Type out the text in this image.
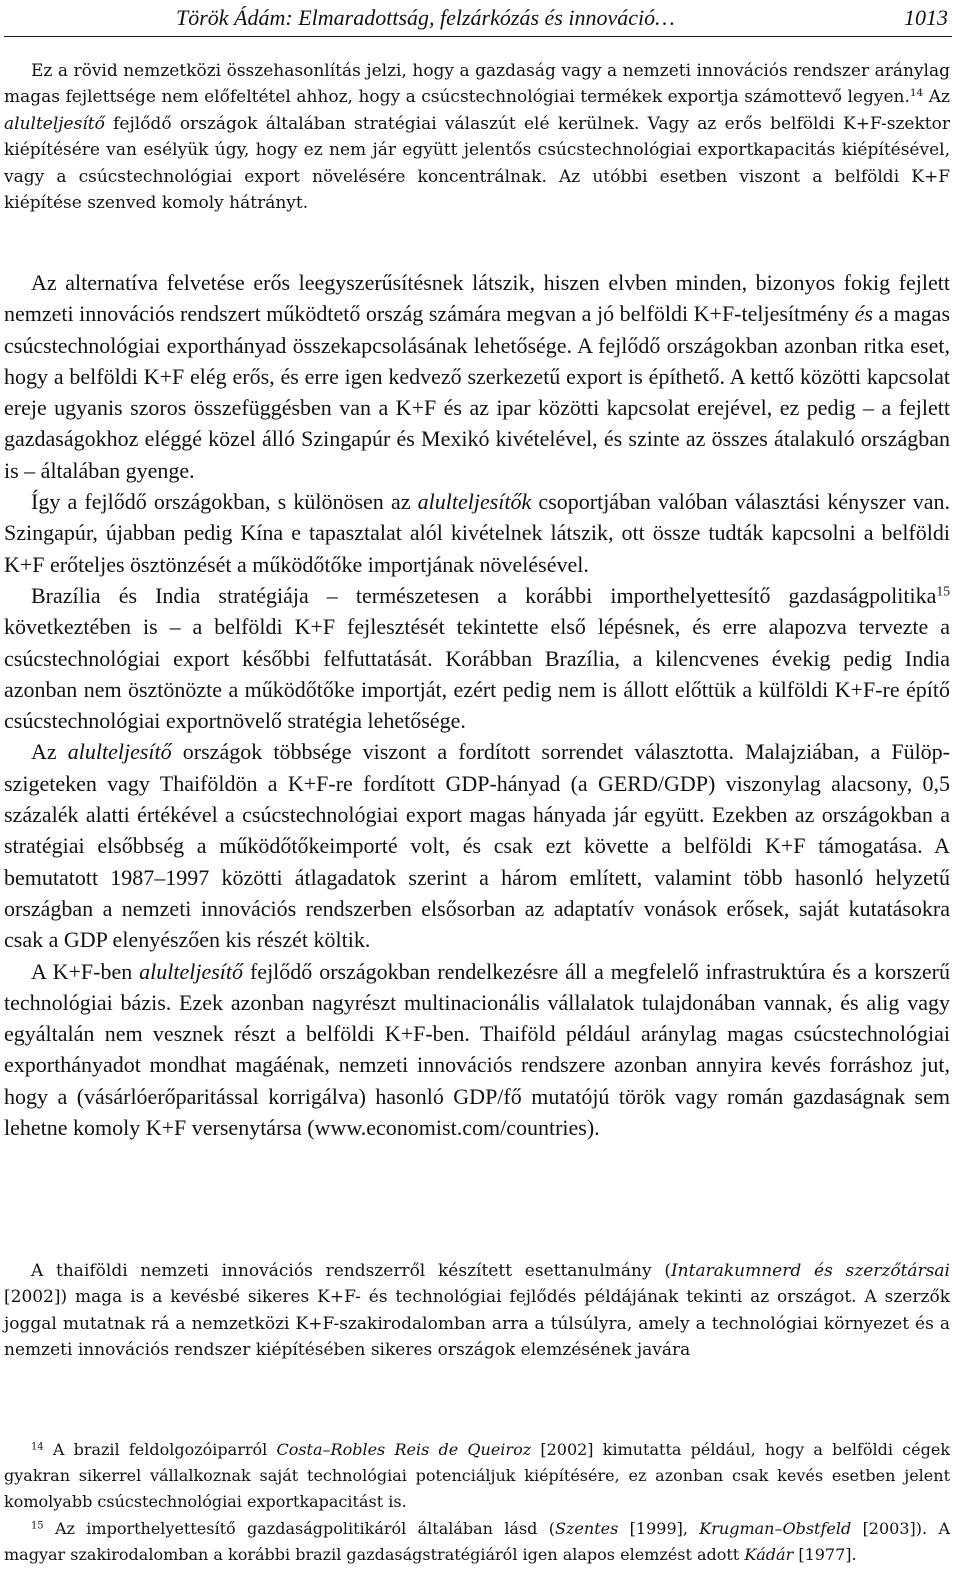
Török Ádám: Elmaradottság, felzárkózás és innováció…	1013

Ez a rövid nemzetközi összehasonlítás jelzi, hogy a gazdaság vagy a nemzeti innovációs rendszer aránylag magas fejlettsége nem előfeltétel ahhoz, hogy a csúcstechnológiai termékek exportja számottevő legyen.$^{14}$ Az alulteljesítő fejlődő országok általában stratégiai válaszút elé kerülnek. Vagy az erős belföldi K+F-szektor kiépítésére van esélyük úgy, hogy ez nem jár együtt jelentős csúcstechnológiai exportkapacitás kiépítésével, vagy a csúcstechnológiai export növelésére koncentrálnak. Az utóbbi esetben viszont a belföldi K+F kiépítése szenved komoly hátrányt.

Az alternatíva felvetése erős leegyszerűsítésnek látszik, hiszen elvben minden, bizonyos fokig fejlett nemzeti innovációs rendszert működtető ország számára megvan a jó belföldi K+F-teljesítmény és a magas csúcstechnológiai exporthányad összekapcsolásának lehetősége. A fejlődő országokban azonban ritka eset, hogy a belföldi K+F elég erős, és erre igen kedvező szerkezetű export is építhető. A kettő közötti kapcsolat ereje ugyanis szoros összefüggésben van a K+F és az ipar közötti kapcsolat erejével, ez pedig – a fejlett gazdaságokhoz eléggé közel álló Szingapúr és Mexikó kivételével, és szinte az összes átalakuló országban is – általában gyenge.

Így a fejlődő országokban, s különösen az alulteljesítők csoportjában valóban választási kényszer van. Szingapúr, újabban pedig Kína e tapasztalat alól kivételnek látszik, ott össze tudták kapcsolni a belföldi K+F erőteljes ösztönzését a működőtőke importjának növelésével.

Brazília és India stratégiája – természetesen a korábbi importhelyettesítő gazdaságpolitika$^{15}$ következtében is – a belföldi K+F fejlesztését tekintette első lépésnek, és erre alapozva tervezte a csúcstechnológiai export későbbi felfuttatását. Korábban Brazília, a kilencvenes évekig pedig India azonban nem ösztönözte a működőtőke importját, ezért pedig nem is állott előttük a külföldi K+F-re építő csúcstechnológiai exportnövelő stratégia lehetősége.

Az alulteljesítő országok többsége viszont a fordított sorrendet választotta. Malajziában, a Fülöp-szigeteken vagy Thaiföldön a K+F-re fordított GDP-hányad (a GERD/GDP) viszonylag alacsony, 0,5 százalék alatti értékével a csúcstechnológiai export magas hányada jár együtt. Ezekben az országokban a stratégiai elsőbbség a működőtőkeimporté volt, és csak ezt követte a belföldi K+F támogatása. A bemutatott 1987–1997 közötti átlagadatok szerint a három említett, valamint több hasonló helyzetű országban a nemzeti innovációs rendszerben elsősorban az adaptatív vonások erősek, saját kutatásokra csak a GDP elenyészően kis részét költik.

A K+F-ben alulteljesítő fejlődő országokban rendelkezésre áll a megfelelő infrastruktúra és a korszerű technológiai bázis. Ezek azonban nagyrészt multinacionális vállalatok tulajdonában vannak, és alig vagy egyáltalán nem vesznek részt a belföldi K+F-ben. Thaiföld például aránylag magas csúcstechnológiai exporthányadot mondhat magáénak, nemzeti innovációs rendszere azonban annyira kevés forráshoz jut, hogy a (vásárlóerőparitással korrigálva) hasonló GDP/fő mutatójú török vagy román gazdaságnak sem lehetne komoly K+F versenytársa (www.economist.com/countries).

A thaiföldi nemzeti innovációs rendszerről készített esettanulmány (Intarakumnerd és szerzőtársai [2002]) maga is a kevésbé sikeres K+F- és technológiai fejlődés példájának tekinti az országot. A szerzők joggal mutatnak rá a nemzetközi K+F-szakirodalomban arra a túlsúlyra, amely a technológiai környezet és a nemzeti innovációs rendszer kiépítésében sikeres országok elemzésének javára

$^{14}$ A brazil feldolgozóiparról Costa–Robles Reis de Queiroz [2002] kimutatta például, hogy a belföldi cégek gyakran sikerrel vállalkoznak saját technológiai potenciáljuk kiépítésére, ez azonban csak kevés esetben jelent komolyabb csúcstechnológiai exportkapacitást is.

$^{15}$ Az importhelyettesítő gazdaságpolitikáról általában lásd (Szentes [1999], Krugman–Obstfeld [2003]). A magyar szakirodalomban a korábbi brazil gazdaságstratégiáról igen alapos elemzést adott Kádár [1977].
